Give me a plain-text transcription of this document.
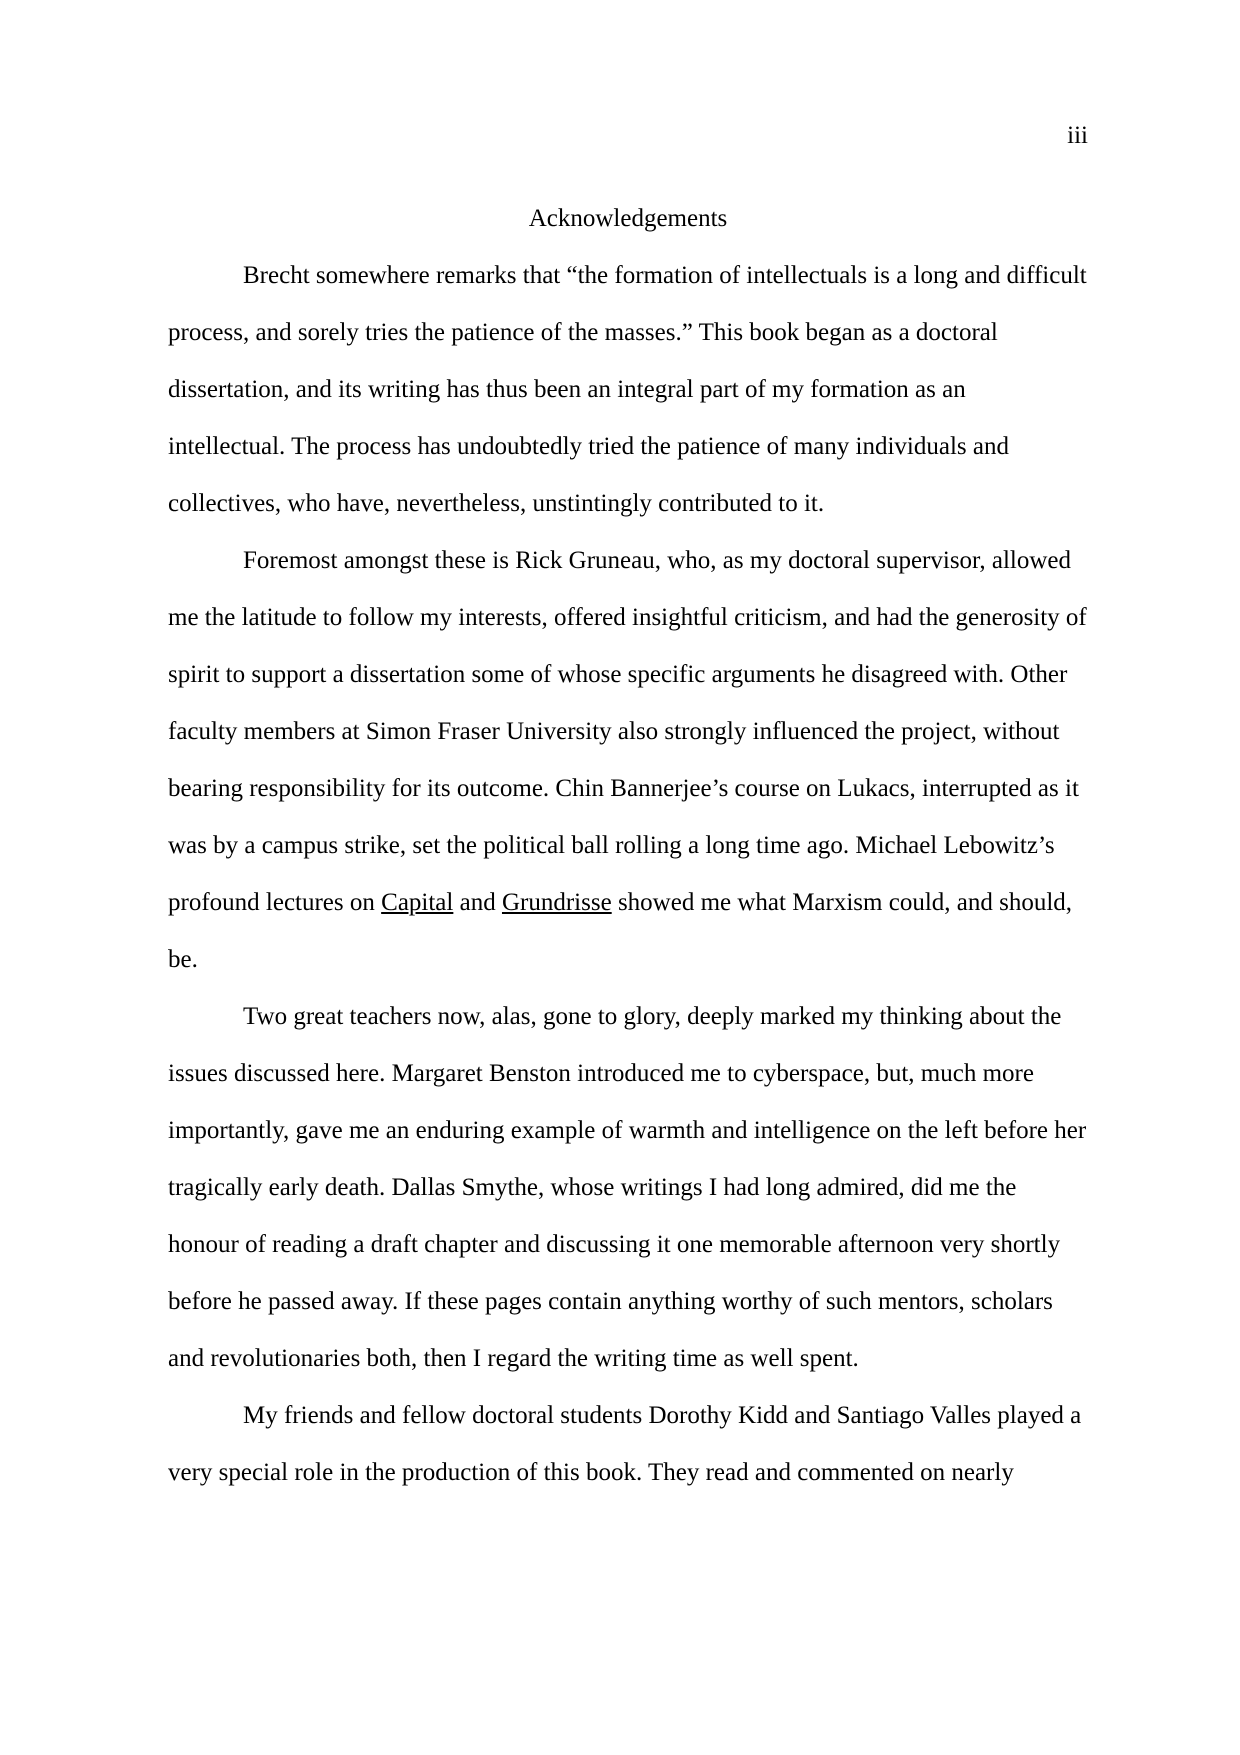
iii
Acknowledgements

Brecht somewhere remarks that “the formation of intellectuals is a long and difficult process, and sorely tries the patience of the masses.” This book began as a doctoral dissertation, and its writing has thus been an integral part of my formation as an intellectual. The process has undoubtedly tried the patience of many individuals and collectives, who have, nevertheless, unstintingly contributed to it.

Foremost amongst these is Rick Gruneau, who, as my doctoral supervisor, allowed me the latitude to follow my interests, offered insightful criticism, and had the generosity of spirit to support a dissertation some of whose specific arguments he disagreed with. Other faculty members at Simon Fraser University also strongly influenced the project, without bearing responsibility for its outcome. Chin Bannerjee’s course on Lukacs, interrupted as it was by a campus strike, set the political ball rolling a long time ago. Michael Lebowitz’s profound lectures on Capital and Grundrisse showed me what Marxism could, and should, be.

Two great teachers now, alas, gone to glory, deeply marked my thinking about the issues discussed here. Margaret Benston introduced me to cyberspace, but, much more importantly, gave me an enduring example of warmth and intelligence on the left before her tragically early death. Dallas Smythe, whose writings I had long admired, did me the honour of reading a draft chapter and discussing it one memorable afternoon very shortly before he passed away. If these pages contain anything worthy of such mentors, scholars and revolutionaries both, then I regard the writing time as well spent.

My friends and fellow doctoral students Dorothy Kidd and Santiago Valles played a very special role in the production of this book. They read and commented on nearly
